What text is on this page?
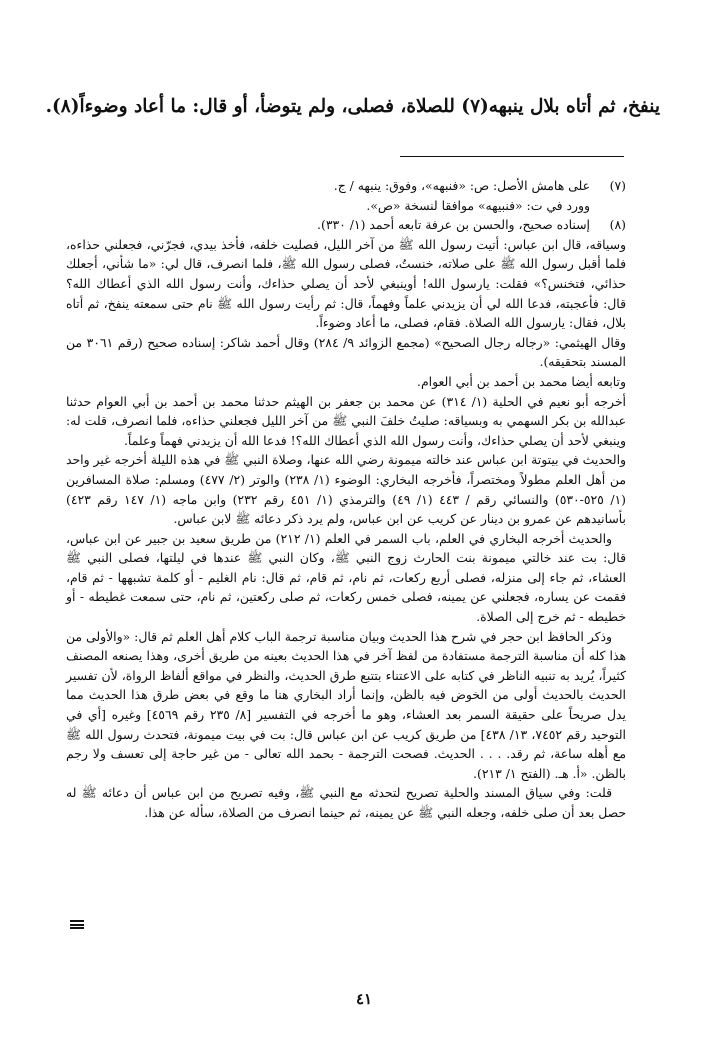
ينفخ، ثم أتاه بلال ينبهه(٧) للصلاة، فصلى، ولم يتوضأ، أو قال: ما أعاد وضوءاً(٨).

(٧)
على هامش الأصل: ص: «فنبهه»، وفوق: ينبهه / ج.

وورد في ت: «فنبيهه» موافقا لنسخة «ص».

(٨)
إسناده صحيح، والحسن بن عرفة تابعه أحمد (١/ ٣٣٠).

وسياقه، قال ابن عباس: أتيت رسول الله ﷺ من آخر الليل، فصليت خلفه، فأخذ بيدي، فجرّني، فجعلني حذاءه، فلما أقبل رسول الله ﷺ على صلاته، خنستُ، فصلى رسول الله ﷺ، فلما انصرف، قال لي: «ما شأني، أجعلك حذائي، فتخنس؟» فقلت: يارسول الله! أوينبغي لأحد أن يصلي حذاءك، وأنت رسول الله الذي أعطاك الله؟ قال: فأعجبته، فدعا الله لي أن يزيدني علماً وفهماً، قال: ثم رأيت رسول الله ﷺ نام حتى سمعته ينفخ، ثم أتاه بلال، فقال: يارسول الله الصلاة. فقام، فصلى، ما أعاد وضوءاً.

وقال الهيثمي: «رجاله رجال الصحيح» (مجمع الزوائد ٩/ ٢٨٤) وقال أحمد شاكر: إسناده صحيح (رقم ٣٠٦١ من المسند بتحقيقه).

وتابعه أيضا محمد بن أحمد بن أبي العوام.

أخرجه أبو نعيم في الحلية (١/ ٣١٤) عن محمد بن جعفر بن الهيثم حدثنا محمد بن أحمد بن أبي العوام حدثنا عبدالله بن بكر السهمي به وبسياقه: صليتُ خلفَ النبي ﷺ من آخر الليل فجعلني حذاءه، فلما انصرف، قلت له: وينبغي لأحد أن يصلي حذاءك، وأنت رسول الله الذي أعطاك الله؟! فدعا الله أن يزيدني فهماً وعلماً.

والحديث في بيتوتة ابن عباس عند خالته ميمونة رضي الله عنها، وصلاة النبي ﷺ في هذه الليلة أخرجه غير واحد من أهل العلم مطولاً ومختصراً، فأخرجه البخاري: الوضوء (١/ ٢٣٨) والوتر (٢/ ٤٧٧) ومسلم: صلاة المسافرين (١/ ٥٢٥-٥٣٠) والنسائي رقم / ٤٤٣ (١/ ٤٩) والترمذي (١/ ٤٥١ رقم ٢٣٢) وابن ماجه (١/ ١٤٧ رقم ٤٢٣) بأسانيدهم عن عمرو بن دينار عن كريب عن ابن عباس، ولم يرد ذكر دعائه ﷺ لابن عباس.

والحديث أخرجه البخاري في العلم، باب السمر في العلم (١/ ٢١٢) من طريق سعيد بن جبير عن ابن عباس، قال: بت عند خالتي ميمونة بنت الحارث زوج النبي ﷺ، وكان النبي ﷺ عندها في ليلتها، فصلى النبي ﷺ العشاء، ثم جاء إلى منزله، فصلى أربع ركعات، ثم نام، ثم قام، ثم قال: نام الغليم - أو كلمة تشبهها - ثم قام، فقمت عن يساره، فجعلني عن يمينه، فصلى خمس ركعات، ثم صلى ركعتين، ثم نام، حتى سمعت غطيطه - أو خطيطه - ثم خرج إلى الصلاة.

وذكر الحافظ ابن حجر في شرح هذا الحديث وبيان مناسبة ترجمة الباب كلام أهل العلم ثم قال: «والأولى من هذا كله أن مناسبة الترجمة مستفادة من لفظ آخر في هذا الحديث بعينه من طريق أخرى، وهذا يصنعه المصنف كثيراً، يُريد به تنبيه الناظر في كتابه على الاعتناء بتتبع طرق الحديث، والنظر في مواقع ألفاظ الرواة، لأن تفسير الحديث بالحديث أولى من الخوض فيه بالظن، وإنما أراد البخاري هنا ما وقع في بعض طرق هذا الحديث مما يدل صريحاً على حقيقة السمر بعد العشاء، وهو ما أخرجه في التفسير [٨/ ٢٣٥ رقم ٤٥٦٩] وغيره [أي في التوحيد رقم ٧٤٥٢، ١٣/ ٤٣٨] من طريق كريب عن ابن عباس قال: بت في بيت ميمونة، فتحدث رسول الله ﷺ مع أهله ساعة، ثم رقد. . . . الحديث. فصحت الترجمة - بحمد الله تعالى - من غير حاجة إلى تعسف ولا رجم بالظن. «أ. هـ. (الفتح ١/ ٢١٣).

قلت: وفي سياق المسند والحلية تصريح لتحدثه مع النبي ﷺ، وفيه تصريح من ابن عباس أن دعائه ﷺ له حصل بعد أن صلى خلفه، وجعله النبي ﷺ عن يمينه، ثم حينما انصرف من الصلاة، سأله عن هذا.

٤١
